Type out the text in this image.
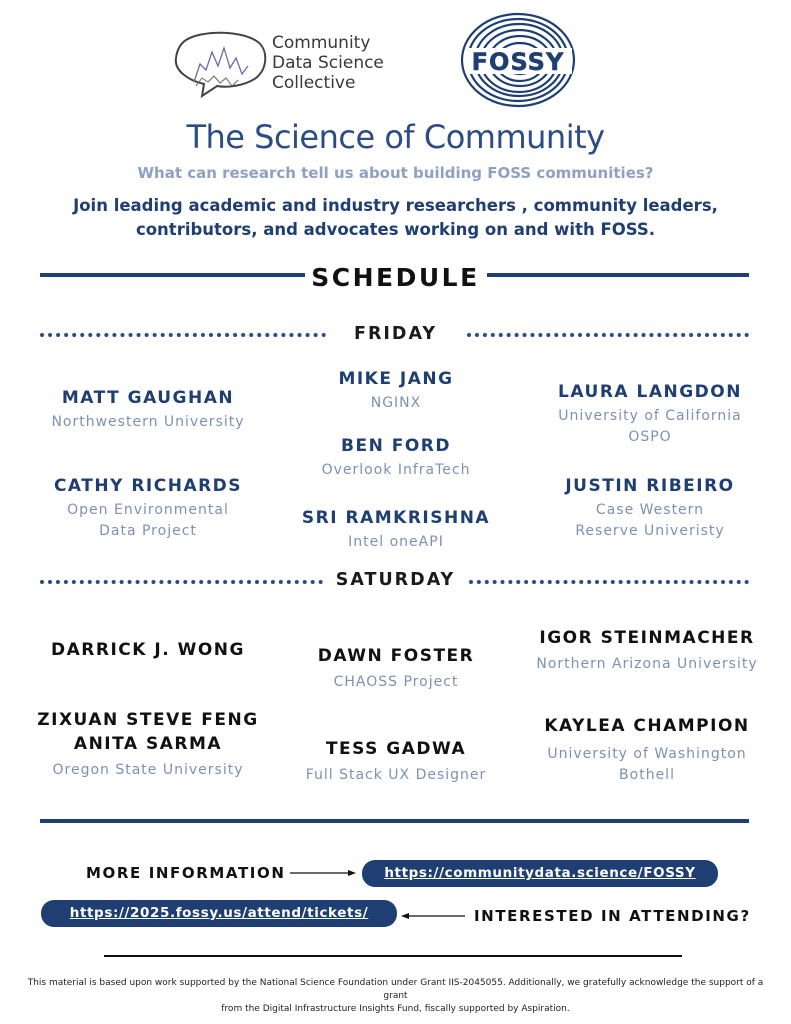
Community
Data Science
Collective
FOSSY
The Science of Community
What can research tell us about building FOSS communities?
Join leading academic and industry researchers , community leaders,
contributors, and advocates working on and with FOSS.
SCHEDULE
FRIDAY
MATT GAUGHAN
Northwestern University
CATHY RICHARDS
Open Environmental
Data Project
MIKE JANG
NGINX
BEN FORD
Overlook InfraTech
SRI RAMKRISHNA
Intel oneAPI
LAURA LANGDON
University of California
OSPO
JUSTIN RIBEIRO
Case Western
Reserve Univeristy
SATURDAY
DARRICK J. WONG
ZIXUAN STEVE FENG
ANITA SARMA
Oregon State University
DAWN FOSTER
CHAOSS Project
TESS GADWA
Full Stack UX Designer
IGOR STEINMACHER
Northern Arizona University
KAYLEA CHAMPION
University of Washington
Bothell
MORE INFORMATION	https://communitydata.science/FOSSY
https://2025.fossy.us/attend/tickets/	INTERESTED IN ATTENDING?
This material is based upon work supported by the National Science Foundation under Grant IIS-2045055. Additionally, we gratefully acknowledge the support of a grant
from the Digital Infrastructure Insights Fund, fiscally supported by Aspiration.
